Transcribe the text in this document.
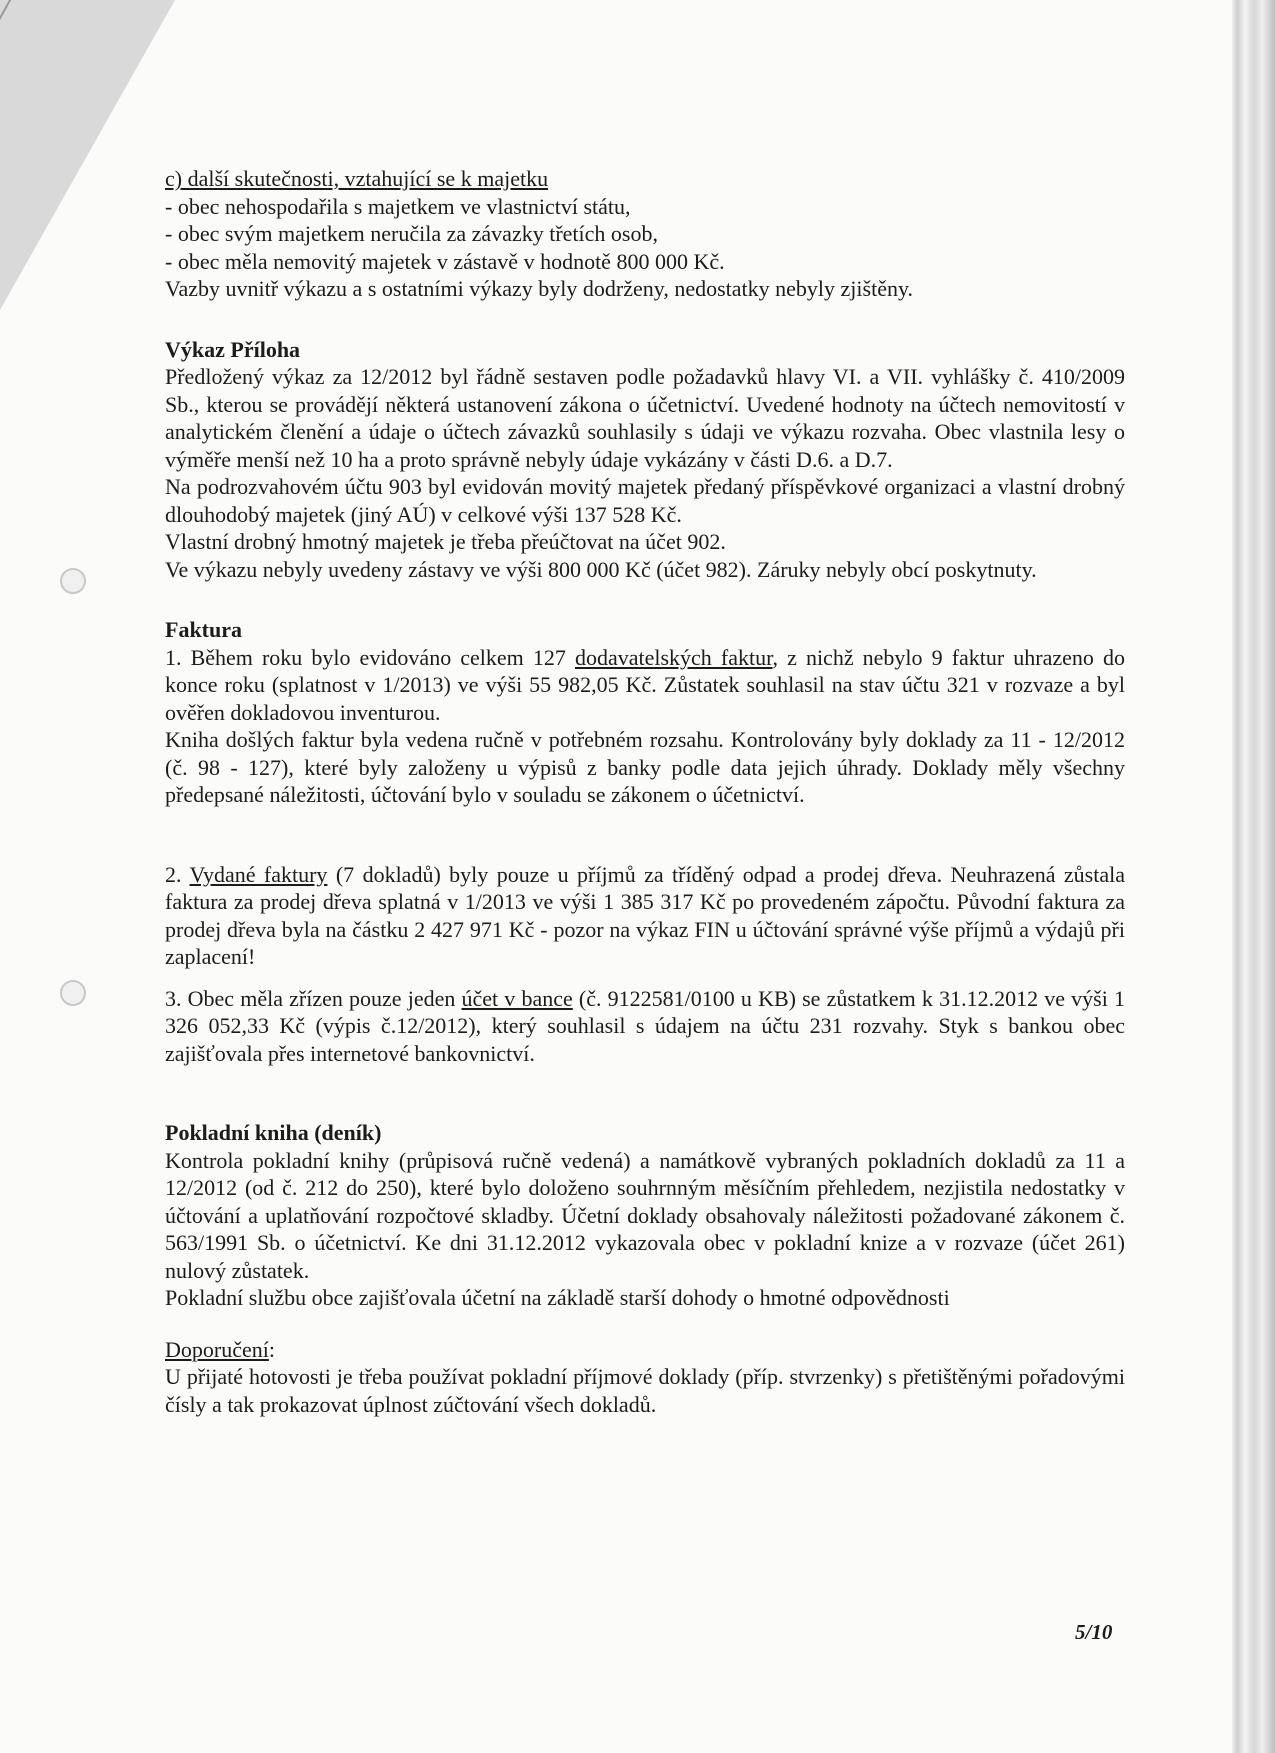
c) další skutečnosti, vztahující se k majetku

- obec nehospodařila s majetkem ve vlastnictví státu,

- obec svým majetkem neručila za závazky třetích osob,

- obec měla nemovitý majetek v zástavě v hodnotě 800 000 Kč.

Vazby uvnitř výkazu a s ostatními výkazy byly dodrženy, nedostatky nebyly zjištěny.

Výkaz Příloha

Předložený výkaz za 12/2012 byl řádně sestaven podle požadavků hlavy VI. a VII. vyhlášky č. 410/2009 Sb., kterou se provádějí některá ustanovení zákona o účetnictví. Uvedené hodnoty na účtech nemovitostí v analytickém členění a údaje o účtech závazků souhlasily s údaji ve výkazu rozvaha. Obec vlastnila lesy o výměře menší než 10 ha a proto správně nebyly údaje vykázány v části D.6. a D.7.

Na podrozvahovém účtu 903 byl evidován movitý majetek předaný příspěvkové organizaci a vlastní drobný dlouhodobý majetek (jiný AÚ) v celkové výši 137 528 Kč.

Vlastní drobný hmotný majetek je třeba přeúčtovat na účet 902.

Ve výkazu nebyly uvedeny zástavy ve výši 800 000 Kč (účet 982). Záruky nebyly obcí poskytnuty.

Faktura

1. Během roku bylo evidováno celkem 127 dodavatelských faktur, z nichž nebylo 9 faktur uhrazeno do konce roku (splatnost v 1/2013) ve výši 55 982,05 Kč. Zůstatek souhlasil na stav účtu 321 v rozvaze a byl ověřen dokladovou inventurou.

Kniha došlých faktur byla vedena ručně v potřebném rozsahu. Kontrolovány byly doklady za 11 - 12/2012 (č. 98 - 127), které byly založeny u výpisů z banky podle data jejich úhrady. Doklady měly všechny předepsané náležitosti, účtování bylo v souladu se zákonem o účetnictví.

2. Vydané faktury (7 dokladů) byly pouze u příjmů za tříděný odpad a prodej dřeva. Neuhrazená zůstala faktura za prodej dřeva splatná v 1/2013 ve výši 1 385 317 Kč po provedeném zápočtu. Původní faktura za prodej dřeva byla na částku 2 427 971 Kč - pozor na výkaz FIN u účtování správné výše příjmů a výdajů při zaplacení!

3. Obec měla zřízen pouze jeden účet v bance (č. 9122581/0100 u KB) se zůstatkem k 31.12.2012 ve výši 1 326 052,33 Kč (výpis č.12/2012), který souhlasil s údajem na účtu 231 rozvahy. Styk s bankou obec zajišťovala přes internetové bankovnictví.

Pokladní kniha (deník)

Kontrola pokladní knihy (průpisová ručně vedená) a namátkově vybraných pokladních dokladů za 11 a 12/2012 (od č. 212 do 250), které bylo doloženo souhrnným měsíčním přehledem, nezjistila nedostatky v účtování a uplatňování rozpočtové skladby. Účetní doklady obsahovaly náležitosti požadované zákonem č. 563/1991 Sb. o účetnictví. Ke dni 31.12.2012 vykazovala obec v pokladní knize a v rozvaze (účet 261) nulový zůstatek.

Pokladní službu obce zajišťovala účetní na základě starší dohody o hmotné odpovědnosti

Doporučení:

U přijaté hotovosti je třeba používat pokladní příjmové doklady (příp. stvrzenky) s přetištěnými pořadovými čísly a tak prokazovat úplnost zúčtování všech dokladů.

5/10
